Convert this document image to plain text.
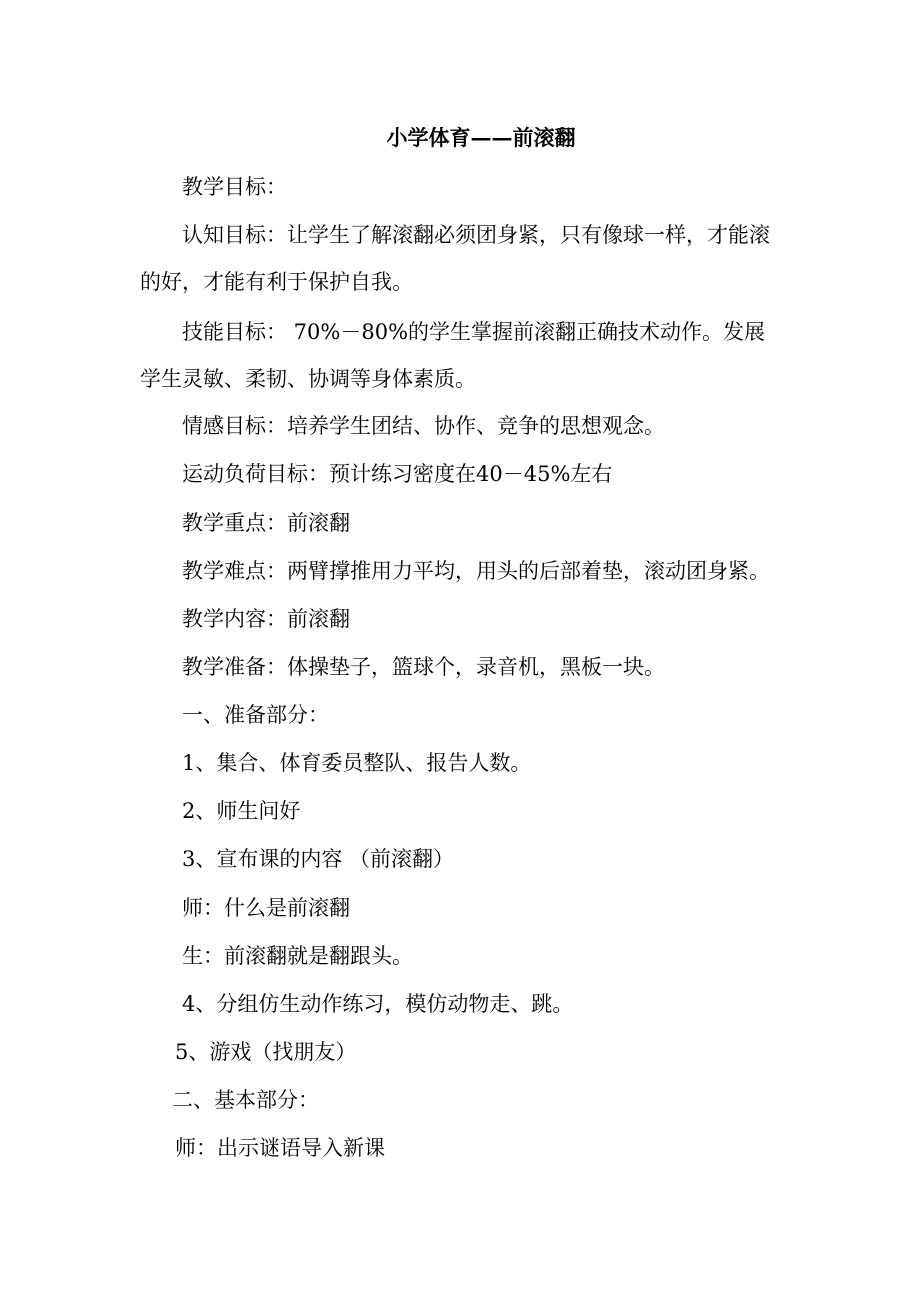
小学体育——前滚翻
教学目标：
认知目标：让学生了解滚翻必须团身紧，只有像球一样，才能滚
的好，才能有利于保护自我。
技能目标： 70%－80%的学生掌握前滚翻正确技术动作。发展
学生灵敏、柔韧、协调等身体素质。
情感目标：培养学生团结、协作、竞争的思想观念。
运动负荷目标：预计练习密度在40－45%左右
教学重点：前滚翻
教学难点：两臂撑推用力平均，用头的后部着垫，滚动团身紧。
教学内容：前滚翻
教学准备：体操垫子，篮球个，录音机，黑板一块。
一、准备部分：
1、集合、体育委员整队、报告人数。
2、师生问好
3、宣布课的内容 （前滚翻）
师：什么是前滚翻
生：前滚翻就是翻跟头。
4、分组仿生动作练习，模仿动物走、跳。
5、游戏（找朋友）
二、基本部分：
师：出示谜语导入新课
